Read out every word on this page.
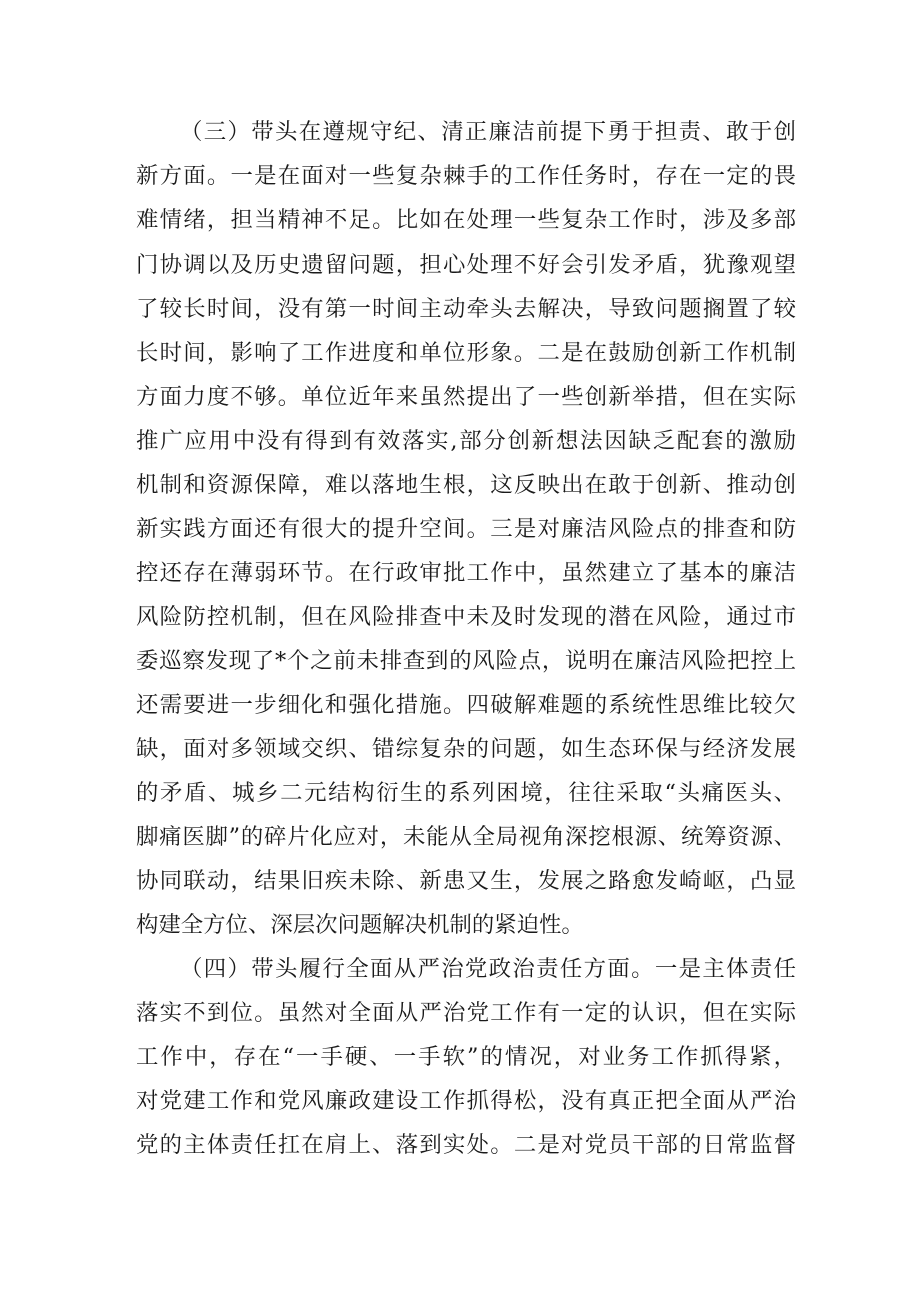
（三）带头在遵规守纪、清正廉洁前提下勇于担责、敢于创
新方面。一是在面对一些复杂棘手的工作任务时，存在一定的畏
难情绪，担当精神不足。比如在处理一些复杂工作时，涉及多部
门协调以及历史遗留问题，担心处理不好会引发矛盾，犹豫观望
了较长时间，没有第一时间主动牵头去解决，导致问题搁置了较
长时间，影响了工作进度和单位形象。二是在鼓励创新工作机制
方面力度不够。单位近年来虽然提出了一些创新举措，但在实际
推广应用中没有得到有效落实,部分创新想法因缺乏配套的激励
机制和资源保障，难以落地生根，这反映出在敢于创新、推动创
新实践方面还有很大的提升空间。三是对廉洁风险点的排查和防
控还存在薄弱环节。在行政审批工作中，虽然建立了基本的廉洁
风险防控机制，但在风险排查中未及时发现的潜在风险，通过市
委巡察发现了*个之前未排查到的风险点，说明在廉洁风险把控上
还需要进一步细化和强化措施。四破解难题的系统性思维比较欠
缺，面对多领域交织、错综复杂的问题，如生态环保与经济发展
的矛盾、城乡二元结构衍生的系列困境，往往采取“头痛医头、
脚痛医脚”的碎片化应对，未能从全局视角深挖根源、统筹资源、
协同联动，结果旧疾未除、新患又生，发展之路愈发崎岖，凸显
构建全方位、深层次问题解决机制的紧迫性。
（四）带头履行全面从严治党政治责任方面。一是主体责任
落实不到位。虽然对全面从严治党工作有一定的认识，但在实际
工作中，存在“一手硬、一手软”的情况，对业务工作抓得紧，
对党建工作和党风廉政建设工作抓得松，没有真正把全面从严治
党的主体责任扛在肩上、落到实处。二是对党员干部的日常监督
